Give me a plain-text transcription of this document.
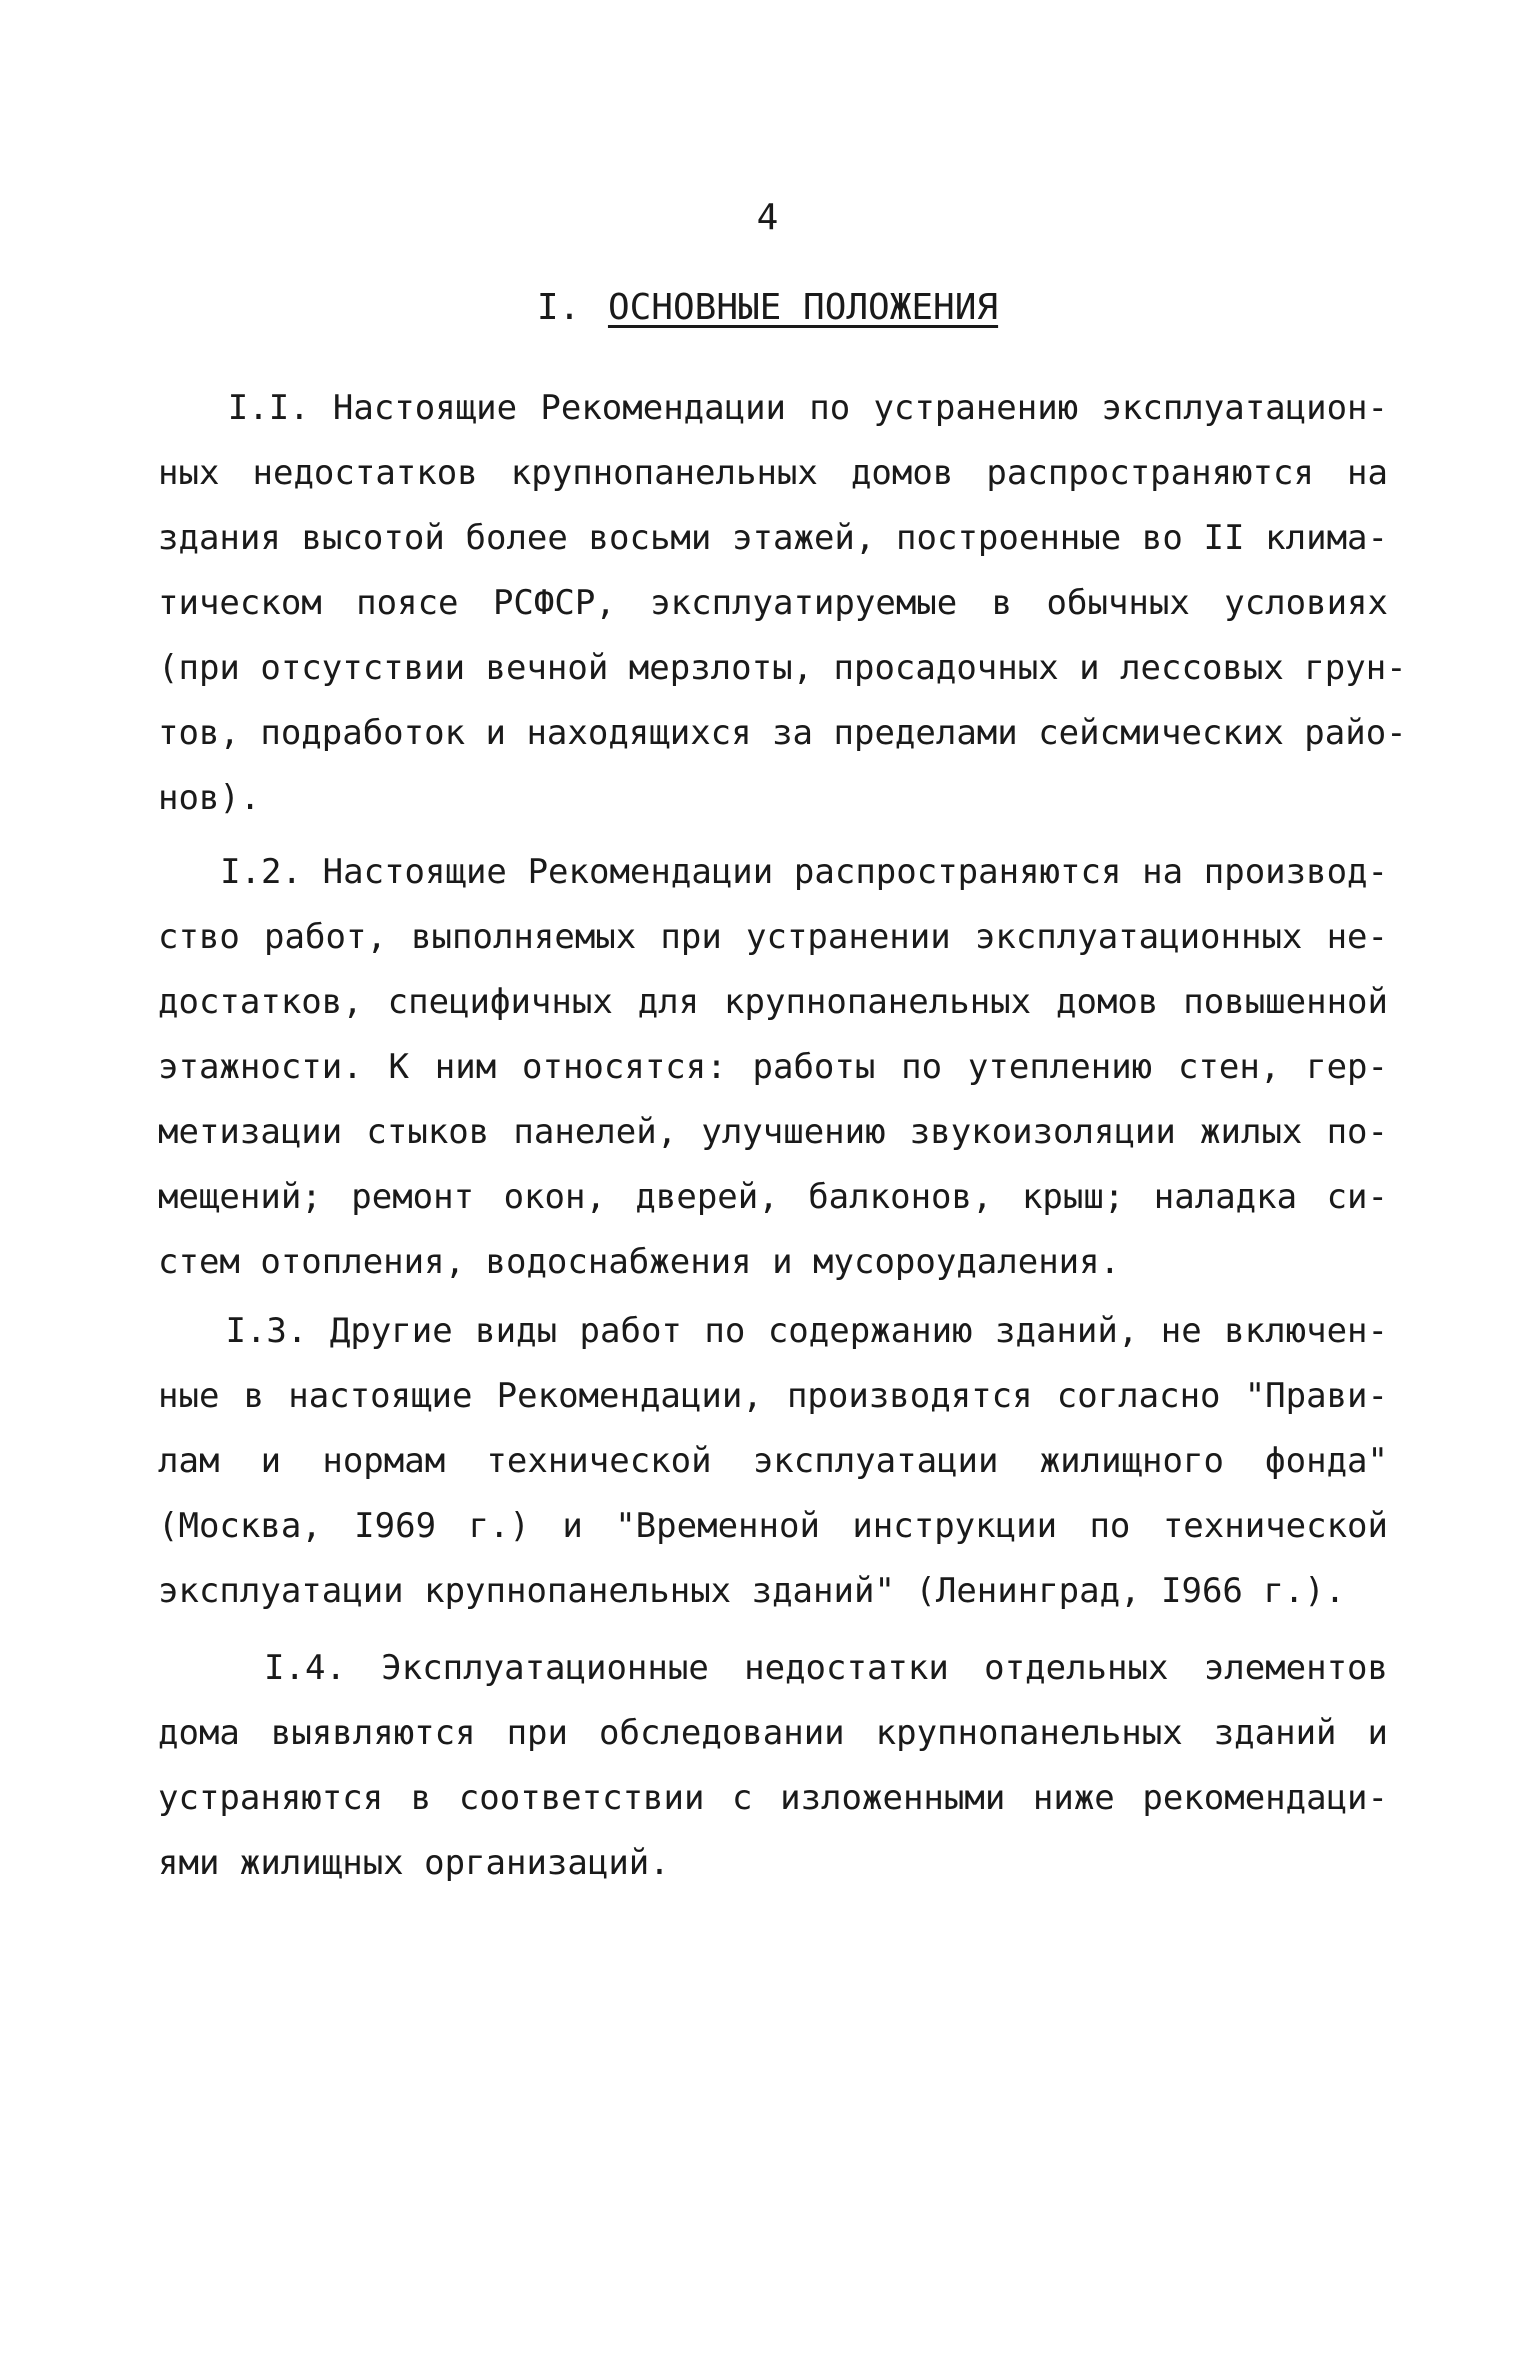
4
I. ОСНОВНЫЕ ПОЛОЖЕНИЯ
I.I. Настоящие Рекомендации по устранению эксплуатацион-
ных недостатков крупнопанельных домов распространяются на
здания высотой более восьми этажей, построенные во II клима-
тическом поясе РСФСР, эксплуатируемые в обычных условиях
(при отсутствии вечной мерзлоты, просадочных и лессовых грун-
тов, подработок и находящихся за пределами сейсмических райо-
нов).
I.2. Настоящие Рекомендации распространяются на производ-
ство работ, выполняемых при устранении эксплуатационных не-
достатков, специфичных для крупнопанельных домов повышенной
этажности. К ним относятся: работы по утеплению стен, гер-
метизации стыков панелей, улучшению звукоизоляции жилых по-
мещений; ремонт окон, дверей, балконов, крыш; наладка си-
стем отопления, водоснабжения и мусороудаления.
I.3. Другие виды работ по содержанию зданий, не включен-
ные в настоящие Рекомендации, производятся согласно "Прави-
лам и нормам технической эксплуатации жилищного фонда"
(Москва, I969 г.) и "Временной инструкции по технической
эксплуатации крупнопанельных зданий" (Ленинград, I966 г.).
I.4. Эксплуатационные недостатки отдельных элементов
дома выявляются при обследовании крупнопанельных зданий и
устраняются в соответствии с изложенными ниже рекомендаци-
ями жилищных организаций.
